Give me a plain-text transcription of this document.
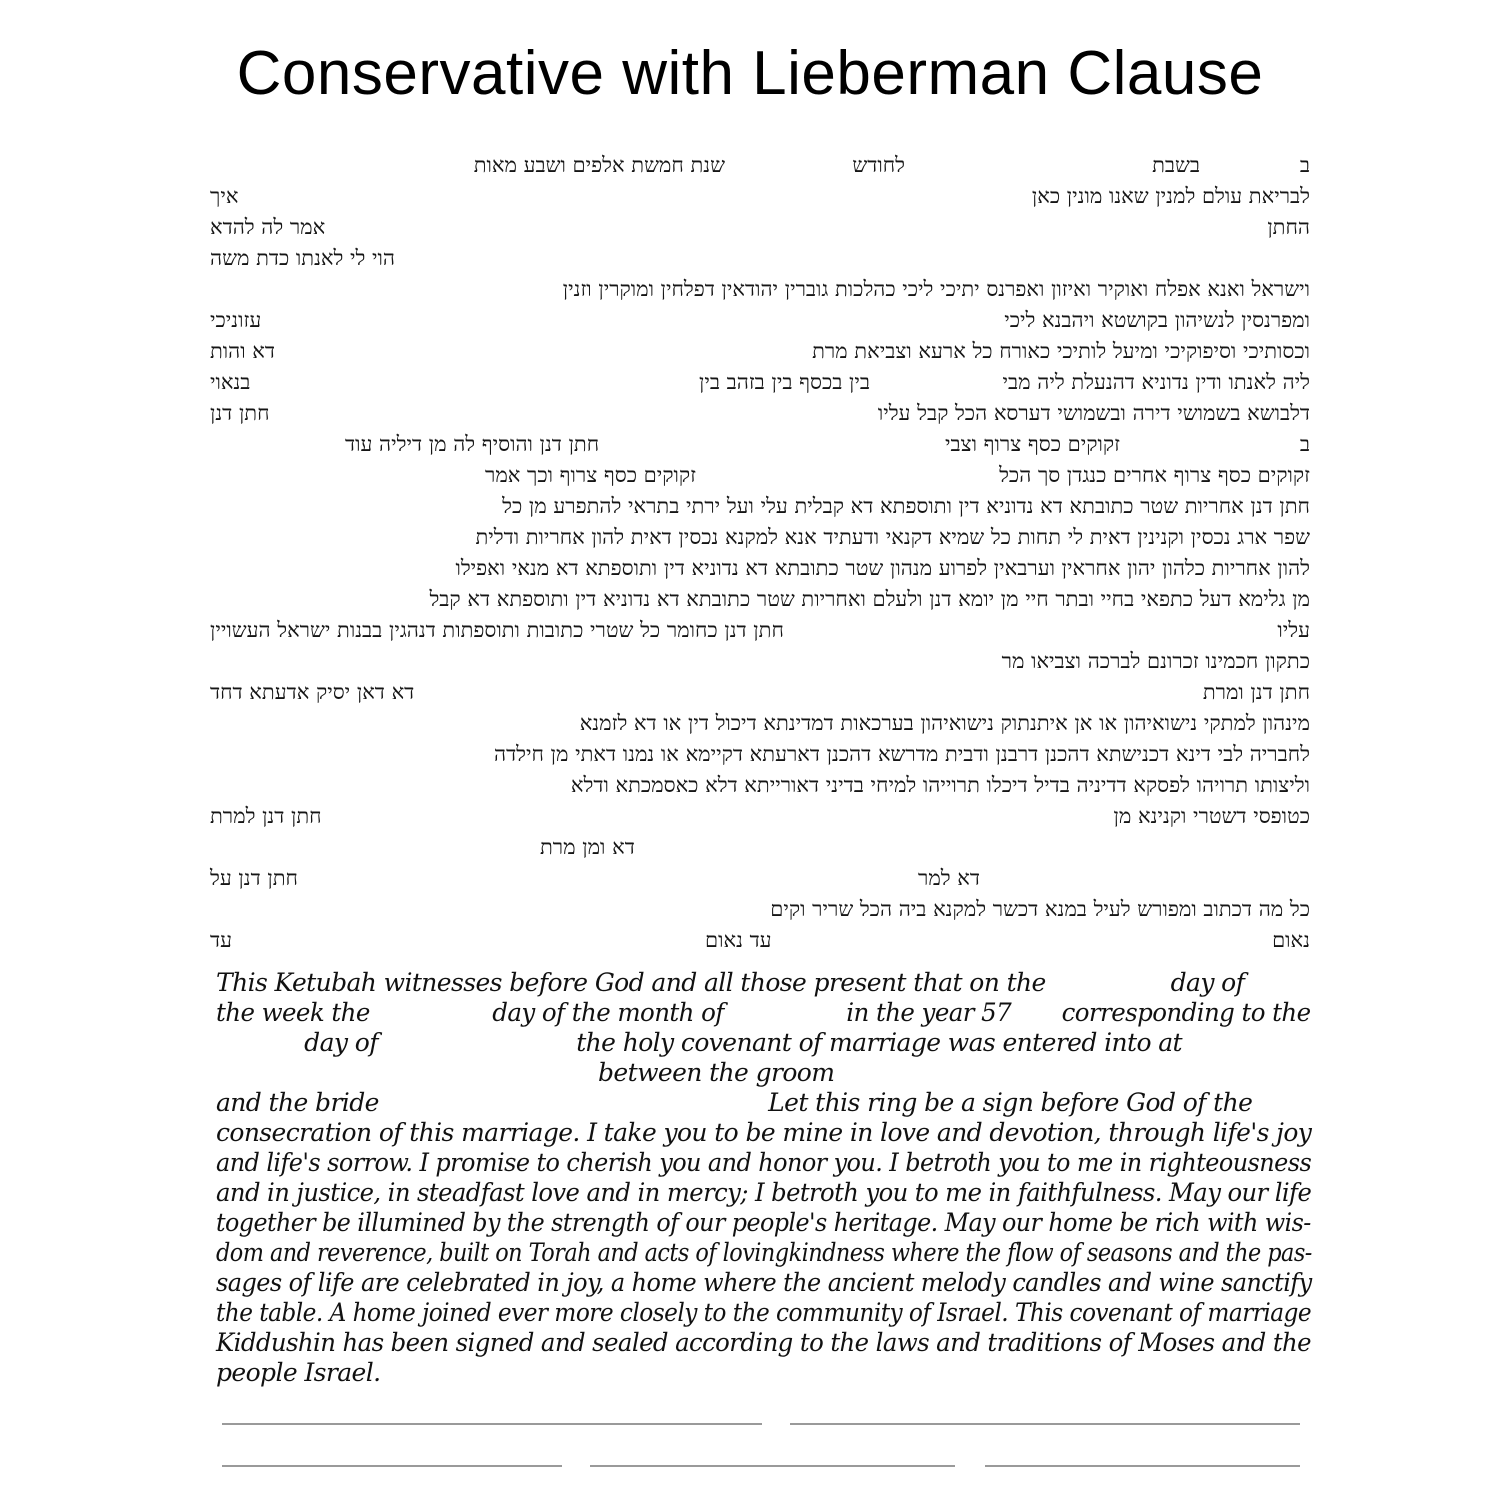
Conservative with Lieberman Clause
ב
בשבת
לחודש
שנת חמשת אלפים ושבע מאות
לבריאת עולם למנין שאנו מונין כאן
איך
החתן
אמר לה להדא
הוי לי לאנתו כדת משה
וישראל ואנא אפלח ואוקיר ואיזון ואפרנס יתיכי ליכי כהלכות גוברין יהודאין דפלחין ומוקרין וזנין
ומפרנסין לנשיהון בקושטא ויהבנא ליכי
עזוניכי
וכסותיכי וסיפוקיכי ומיעל לותיכי כאורח כל ארעא וצביאת מרת
דא והות
ליה לאנתו ודין נדוניא דהנעלת ליה מבי
בין בכסף בין בזהב בין
בנאוי
דלבושא בשמושי דירה ובשמושי דערסא הכל קבל עליו
חתן דנן
ב
זקוקים כסף צרוף וצבי
חתן דנן והוסיף לה מן דיליה עוד
זקוקים כסף צרוף אחרים כנגדן סך הכל
זקוקים כסף צרוף וכך אמר
חתן דנן אחריות שטר כתובתא דא נדוניא דין ותוספתא דא קבלית עלי ועל ירתי בתראי להתפרע מן כל
שפר ארג נכסין וקנינין דאית לי תחות כל שמיא דקנאי ודעתיד אנא למקנא נכסין דאית להון אחריות ודלית
להון אחריות כלהון יהון אחראין וערבאין לפרוע מנהון שטר כתובתא דא נדוניא דין ותוספתא דא מנאי ואפילו
מן גלימא דעל כתפאי בחיי ובתר חיי מן יומא דנן ולעלם ואחריות שטר כתובתא דא נדוניא דין ותוספתא דא קבל
עליו
חתן דנן כחומר כל שטרי כתובות ותוספתות דנהגין בבנות ישראל העשויין
כתקון חכמינו זכרונם לברכה וצביאו מר
חתן דנן ומרת
דא דאן יסיק אדעתא דחד
מינהון למתקי נישואיהון או אן איתנתוק נישואיהון בערכאות דמדינתא דיכול דין או דא לזמנא
לחבריה לבי דינא דכנישתא דהכנן דרבנן ודבית מדרשא דהכנן דארעתא דקיימא או נמנו דאתי מן חילדה
וליצותו תרויהו לפסקא דדיניה בדיל דיכלו תרוייהו למיחי בדיני דאורייתא דלא כאסמכתא ודלא
כטופסי דשטרי וקנינא מן
חתן דנן למרת
דא ומן מרת
דא למר
חתן דנן על
כל מה דכתוב ומפורש לעיל במנא דכשר למקנא ביה הכל שריר וקים
נאום
עד נאום
עד
This Ketubah witnesses before God and all those present that on the                 day of
the week the                 day of the month of                 in the year 57       corresponding to the
day of                           the holy covenant of marriage was entered into at
between the groom
and the bride                                                     Let this ring be a sign before God of the
consecration of this marriage. I take you to be mine in love and devotion, through life's joy
and life's sorrow. I promise to cherish you and honor you. I betroth you to me in righteousness
and in justice, in steadfast love and in mercy; I betroth you to me in faithfulness. May our life
together be illumined by the strength of our people's heritage. May our home be rich with wis-
dom and reverence, built on Torah and acts of lovingkindness where the flow of seasons and the pas-
sages of life are celebrated in joy, a home where the ancient melody candles and wine sanctify
the table. A home joined ever more closely to the community of Israel. This covenant of marriage
Kiddushin has been signed and sealed according to the laws and traditions of Moses and the
people Israel.
